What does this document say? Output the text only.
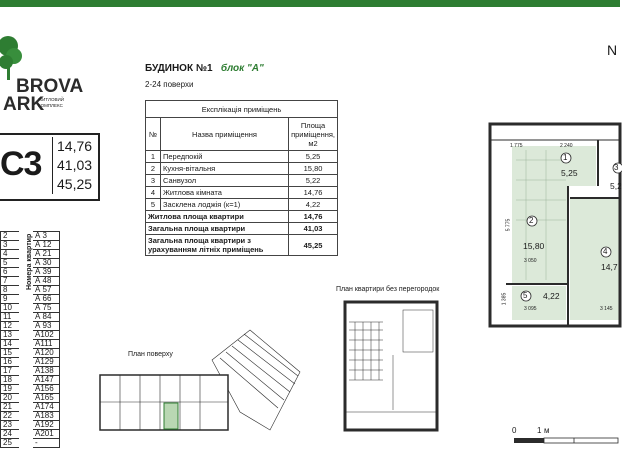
BROVA
ARK
ЖИТЛОВИЙ
КОМПЛЕКС
C3	14,76
41,03
45,25
2	А 3
3	А 12
4	А 21
5	А 30
6	А 39
7	А 48
8	А 57
9	А 66
10	А 75
11	А 84
12	А 93
13	А102
14	А111
15	А120
16	А129
17	А138
18	А147
19	А156
20	А165
21	А174
22	А183
23	А192
24	А201
25	-
Номера квартир
БУДИНОК №1 блок "А"
2-24 поверхи
Експлікація приміщень		
№	Назва приміщення	Площа приміщення, м2
1	Передпокій	5,25
2	Кухня-вітальня	15,80
3	Санвузол	5,22
4	Житлова кімната	14,76
5	Засклена лоджія (к=1)	4,22
Житлова площа квартири		14,76
Загальна площа квартири		41,03
Загальна площа квартири з урахуванням літніх приміщень		45,25
N
1
5,25
2
15,80
3
5,2
4
14,7
5 4,22
2 240
1 775
5 775
3 050
1 385
3 095	3 145
План поверху
План квартири без перегородок
0	1 м
